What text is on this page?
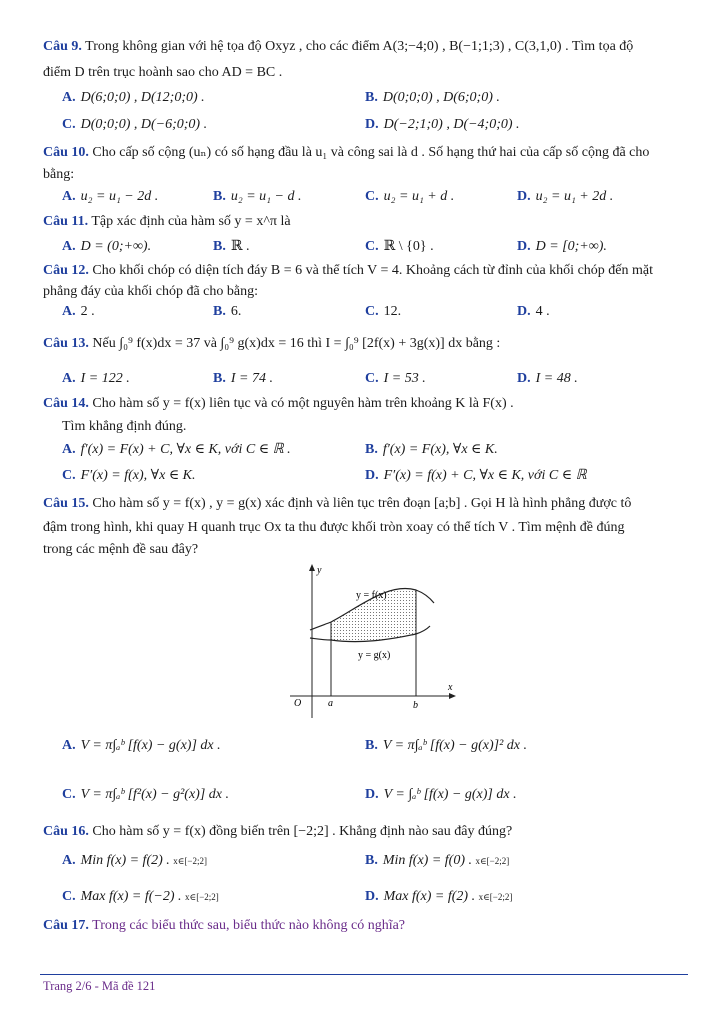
Câu 9. Trong không gian với hệ tọa độ Oxyz , cho các điểm A(3;−4;0) , B(−1;1;3) , C(3,1,0) . Tìm tọa độ
điểm D trên trục hoành sao cho AD = BC .
A. D(6;0;0) , D(12;0;0) .	B. D(0;0;0) , D(6;0;0) .
C. D(0;0;0) , D(−6;0;0) .	D. D(−2;1;0) , D(−4;0;0) .
Câu 10. Cho cấp số cộng (uₙ) có số hạng đầu là u₁ và công sai là d . Số hạng thứ hai của cấp số cộng đã cho
bằng:
A. u₂ = u₁ − 2d .	B. u₂ = u₁ − d .	C. u₂ = u₁ + d .	D. u₂ = u₁ + 2d .
Câu 11. Tập xác định của hàm số y = x^π là
A. D = (0;+∞).	B. ℝ .	C. ℝ \ {0} .	D. D = [0;+∞).
Câu 12. Cho khối chóp có diện tích đáy B = 6 và thể tích V = 4. Khoảng cách từ đỉnh của khối chóp đến mặt
phẳng đáy của khối chóp đã cho bằng:
A. 2 .	B. 6.	C. 12.	D. 4 .
Câu 13. Nếu ∫₀⁹ f(x)dx = 37 và ∫₀⁹ g(x)dx = 16 thì I = ∫₀⁹ [2f(x) + 3g(x)] dx bằng :
A. I = 122 .	B. I = 74 .	C. I = 53 .	D. I = 48 .
Câu 14. Cho hàm số y = f(x) liên tục và có một nguyên hàm trên khoảng K là F(x) .
Tìm khẳng định đúng.
A. f′(x) = F(x) + C, ∀x ∈ K, với C ∈ ℝ .	B. f′(x) = F(x), ∀x ∈ K.
C. F′(x) = f(x), ∀x ∈ K.	D. F′(x) = f(x) + C, ∀x ∈ K, với C ∈ ℝ
Câu 15. Cho hàm số y = f(x) , y = g(x) xác định và liên tục trên đoạn [a;b] . Gọi H là hình phẳng được tô
đậm trong hình, khi quay H quanh trục Ox ta thu được khối tròn xoay có thể tích V . Tìm mệnh đề đúng
trong các mệnh đề sau đây?
y
x
O	a	b
y = f(x)
y = g(x)
A. V = π∫ₐᵇ [f(x) − g(x)] dx .	B. V = π∫ₐᵇ [f(x) − g(x)]² dx .
C. V = π∫ₐᵇ [f²(x) − g²(x)] dx .	D. V = ∫ₐᵇ [f(x) − g(x)] dx .
Câu 16. Cho hàm số y = f(x) đồng biến trên [−2;2] . Khẳng định nào sau đây đúng?
A. Min f(x) = f(2) . x∈[−2;2]	B. Min f(x) = f(0) . x∈[−2;2]
C. Max f(x) = f(−2) . x∈[−2;2]	D. Max f(x) = f(2) . x∈[−2;2]
Câu 17. Trong các biểu thức sau, biểu thức nào không có nghĩa?
Trang 2/6 - Mã đề 121
